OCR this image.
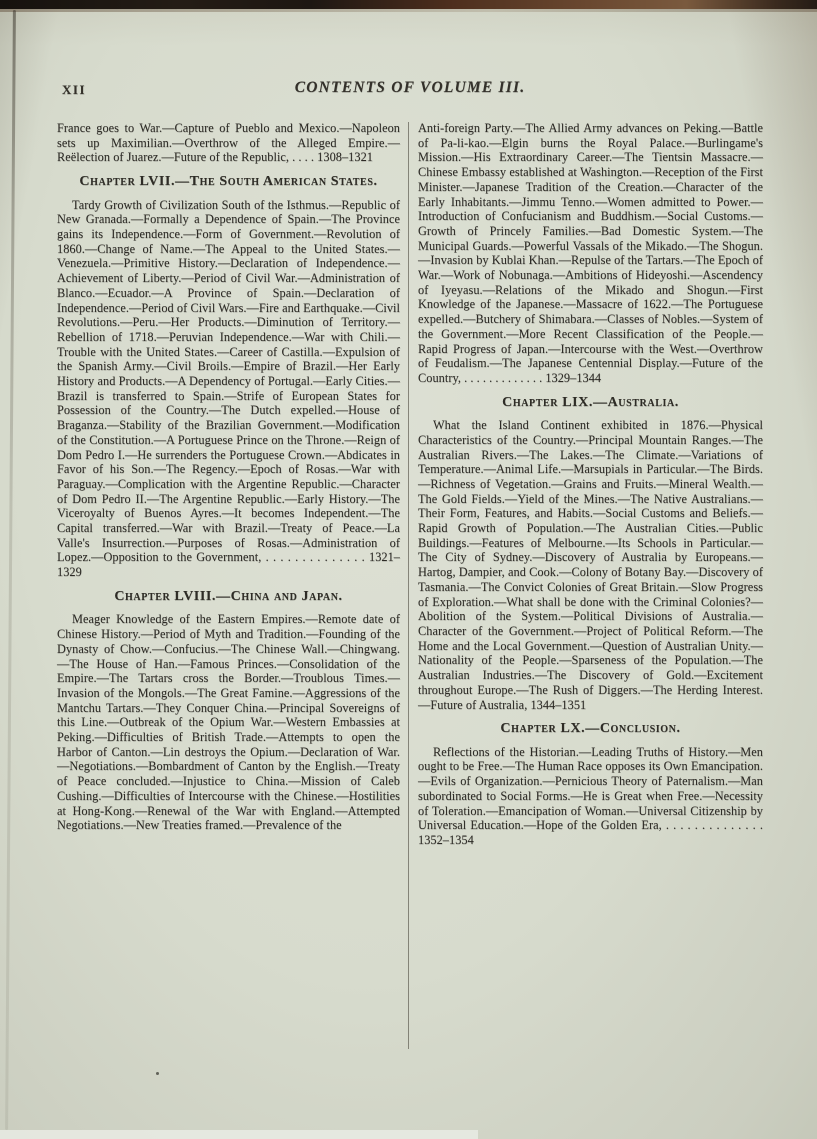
XII	CONTENTS OF VOLUME III.

France goes to War.—Capture of Pueblo and Mexico.—Napoleon sets up Maximilian.—Overthrow of the Alleged Empire.—Reëlection of Juarez.—Future of the Republic, . . . . 1308–1321

Chapter LVII.—The South American States.

Tardy Growth of Civilization South of the Isthmus.—Republic of New Granada.—Formally a Dependence of Spain.—The Province gains its Independence.—Form of Government.—Revolution of 1860.—Change of Name.—The Appeal to the United States.—Venezuela.—Primitive History.—Declaration of Independence.—Achievement of Liberty.—Period of Civil War.—Administration of Blanco.—Ecuador.—A Province of Spain.—Declaration of Independence.—Period of Civil Wars.—Fire and Earthquake.—Civil Revolutions.—Peru.—Her Products.—Diminution of Territory.—Rebellion of 1718.—Peruvian Independence.—War with Chili.—Trouble with the United States.—Career of Castilla.—Expulsion of the Spanish Army.—Civil Broils.—Empire of Brazil.—Her Early History and Products.—A Dependency of Portugal.—Early Cities.—Brazil is transferred to Spain.—Strife of European States for Possession of the Country.—The Dutch expelled.—House of Braganza.—Stability of the Brazilian Government.—Modification of the Constitution.—A Portuguese Prince on the Throne.—Reign of Dom Pedro I.—He surrenders the Portuguese Crown.—Abdicates in Favor of his Son.—The Regency.—Epoch of Rosas.—War with Paraguay.—Complication with the Argentine Republic.—Character of Dom Pedro II.—The Argentine Republic.—Early History.—The Viceroyalty of Buenos Ayres.—It becomes Independent.—The Capital transferred.—War with Brazil.—Treaty of Peace.—La Valle's Insurrection.—Purposes of Rosas.—Administration of Lopez.—Opposition to the Government, . . . . . . . . . . . . . . 1321–1329

Chapter LVIII.—China and Japan.

Meager Knowledge of the Eastern Empires.—Remote date of Chinese History.—Period of Myth and Tradition.—Founding of the Dynasty of Chow.—Confucius.—The Chinese Wall.—Chingwang.—The House of Han.—Famous Princes.—Consolidation of the Empire.—The Tartars cross the Border.—Troublous Times.—Invasion of the Mongols.—The Great Famine.—Aggressions of the Mantchu Tartars.—They Conquer China.—Principal Sovereigns of this Line.—Outbreak of the Opium War.—Western Embassies at Peking.—Difficulties of British Trade.—Attempts to open the Harbor of Canton.—Lin destroys the Opium.—Declaration of War.—Negotiations.—Bombardment of Canton by the English.—Treaty of Peace concluded.—Injustice to China.—Mission of Caleb Cushing.—Difficulties of Intercourse with the Chinese.—Hostilities at Hong-Kong.—Renewal of the War with England.—Attempted Negotiations.—New Treaties framed.—Prevalence of the

Anti-foreign Party.—The Allied Army advances on Peking.—Battle of Pa-li-kao.—Elgin burns the Royal Palace.—Burlingame's Mission.—His Extraordinary Career.—The Tientsin Massacre.—Chinese Embassy established at Washington.—Reception of the First Minister.—Japanese Tradition of the Creation.—Character of the Early Inhabitants.—Jimmu Tenno.—Women admitted to Power.—Introduction of Confucianism and Buddhism.—Social Customs.—Growth of Princely Families.—Bad Domestic System.—The Municipal Guards.—Powerful Vassals of the Mikado.—The Shogun.—Invasion by Kublai Khan.—Repulse of the Tartars.—The Epoch of War.—Work of Nobunaga.—Ambitions of Hideyoshi.—Ascendency of Iyeyasu.—Relations of the Mikado and Shogun.—First Knowledge of the Japanese.—Massacre of 1622.—The Portuguese expelled.—Butchery of Shimabara.—Classes of Nobles.—System of the Government.—More Recent Classification of the People.—Rapid Progress of Japan.—Intercourse with the West.—Overthrow of Feudalism.—The Japanese Centennial Display.—Future of the Country, . . . . . . . . . . . . . 1329–1344

Chapter LIX.—Australia.

What the Island Continent exhibited in 1876.—Physical Characteristics of the Country.—Principal Mountain Ranges.—The Australian Rivers.—The Lakes.—The Climate.—Variations of Temperature.—Animal Life.—Marsupials in Particular.—The Birds.—Richness of Vegetation.—Grains and Fruits.—Mineral Wealth.—The Gold Fields.—Yield of the Mines.—The Native Australians.—Their Form, Features, and Habits.—Social Customs and Beliefs.—Rapid Growth of Population.—The Australian Cities.—Public Buildings.—Features of Melbourne.—Its Schools in Particular.—The City of Sydney.—Discovery of Australia by Europeans.—Hartog, Dampier, and Cook.—Colony of Botany Bay.—Discovery of Tasmania.—The Convict Colonies of Great Britain.—Slow Progress of Exploration.—What shall be done with the Criminal Colonies?—Abolition of the System.—Political Divisions of Australia.—Character of the Government.—Project of Political Reform.—The Home and the Local Government.—Question of Australian Unity.—Nationality of the People.—Sparseness of the Population.—The Australian Industries.—The Discovery of Gold.—Excitement throughout Europe.—The Rush of Diggers.—The Herding Interest.—Future of Australia, 1344–1351

Chapter LX.—Conclusion.

Reflections of the Historian.—Leading Truths of History.—Men ought to be Free.—The Human Race opposes its Own Emancipation.—Evils of Organization.—Pernicious Theory of Paternalism.—Man subordinated to Social Forms.—He is Great when Free.—Necessity of Toleration.—Emancipation of Woman.—Universal Citizenship by Universal Education.—Hope of the Golden Era, . . . . . . . . . . . . . . 1352–1354
